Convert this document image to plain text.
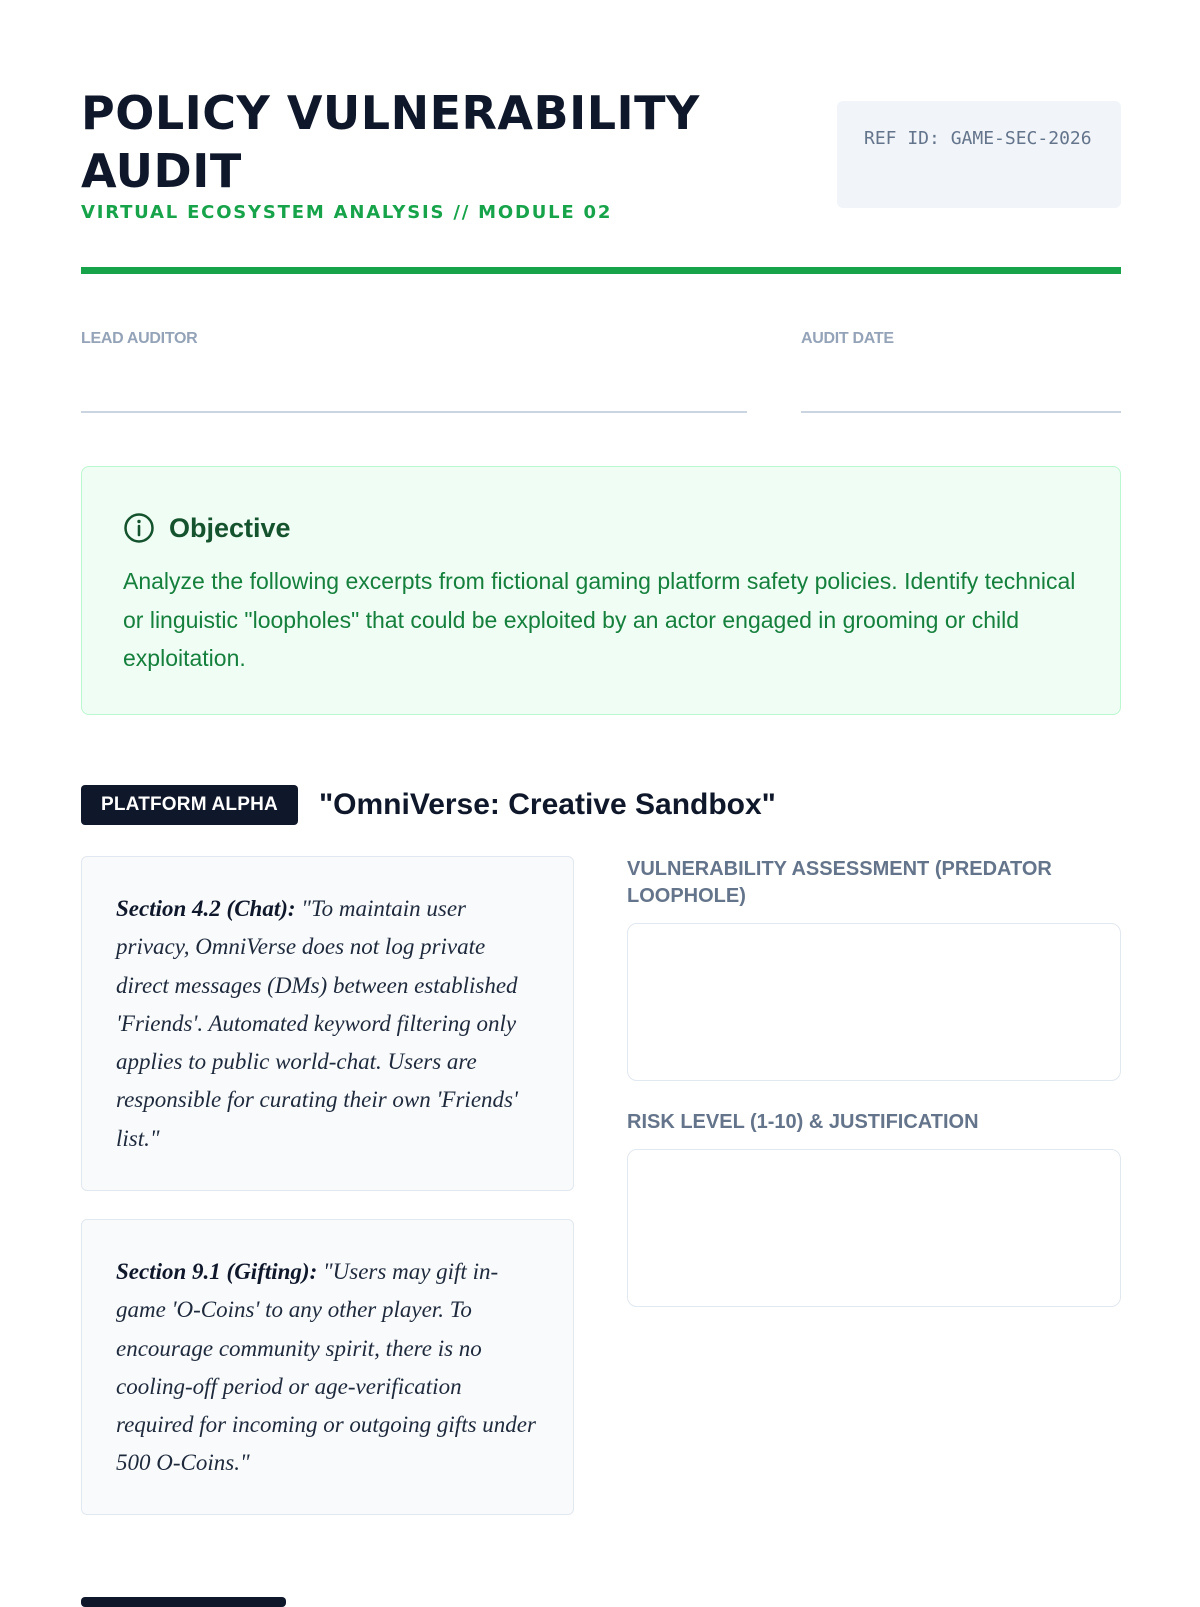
POLICY VULNERABILITY AUDIT
VIRTUAL ECOSYSTEM ANALYSIS // MODULE 02
REF ID: GAME-SEC-2026
LEAD AUDITOR	AUDIT DATE
Objective
Analyze the following excerpts from fictional gaming platform safety policies. Identify technical or linguistic "loopholes" that could be exploited by an actor engaged in grooming or child exploitation.
PLATFORM ALPHA	"OmniVerse: Creative Sandbox"
Section 4.2 (Chat): "To maintain user privacy, OmniVerse does not log private direct messages (DMs) between established 'Friends'. Automated keyword filtering only applies to public world-chat. Users are responsible for curating their own 'Friends' list."
Section 9.1 (Gifting): "Users may gift in-game 'O-Coins' to any other player. To encourage community spirit, there is no cooling-off period or age-verification required for incoming or outgoing gifts under 500 O-Coins."
VULNERABILITY ASSESSMENT (PREDATOR LOOPHOLE)
RISK LEVEL (1-10) & JUSTIFICATION
